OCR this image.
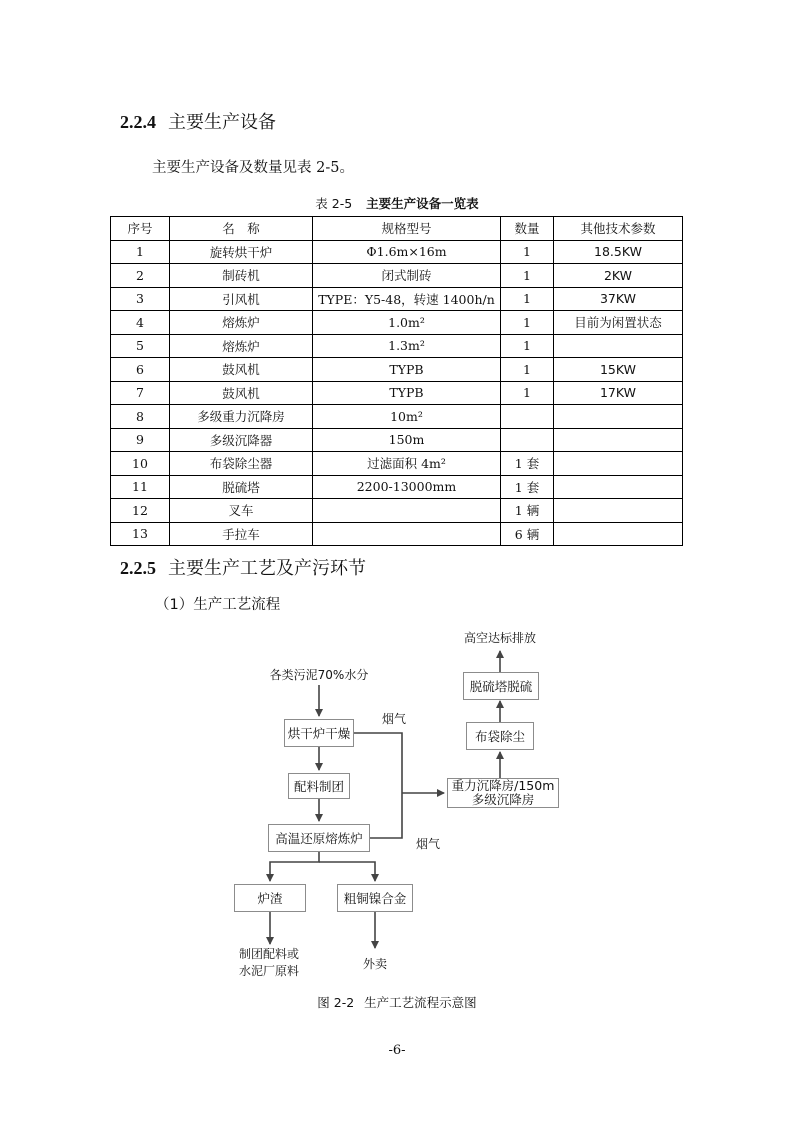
2.2.4 主要生产设备
主要生产设备及数量见表 2-5。
表 2-5 主要生产设备一览表
序号	名　称	规格型号	数量	其他技术参数
1	旋转烘干炉	Φ1.6m×16m	1	18.5KW
2	制砖机	闭式制砖	1	2KW
3	引风机	TYPE：Y5-48，转速 1400h/n	1	37KW
4	熔炼炉	1.0m²	1	目前为闲置状态
5	熔炼炉	1.3m²	1	
6	鼓风机	TYPB	1	15KW
7	鼓风机	TYPB	1	17KW
8	多级重力沉降房	10m²		
9	多级沉降器	150m		
10	布袋除尘器	过滤面积 4m²	1 套	
11	脱硫塔	2200-13000mm	1 套	
12	叉车		1 辆	
13	手拉车		6 辆	
2.2.5 主要生产工艺及产污环节
（1）生产工艺流程
各类污泥70%水分
烘干炉干燥
配料制团
高温还原熔炼炉
炉渣	粗铜镍合金
制团配料或
水泥厂原料	外卖
烟气
烟气
重力沉降房/150m
多级沉降房
布袋除尘
脱硫塔脱硫
高空达标排放
图 2-2 生产工艺流程示意图
-6-
